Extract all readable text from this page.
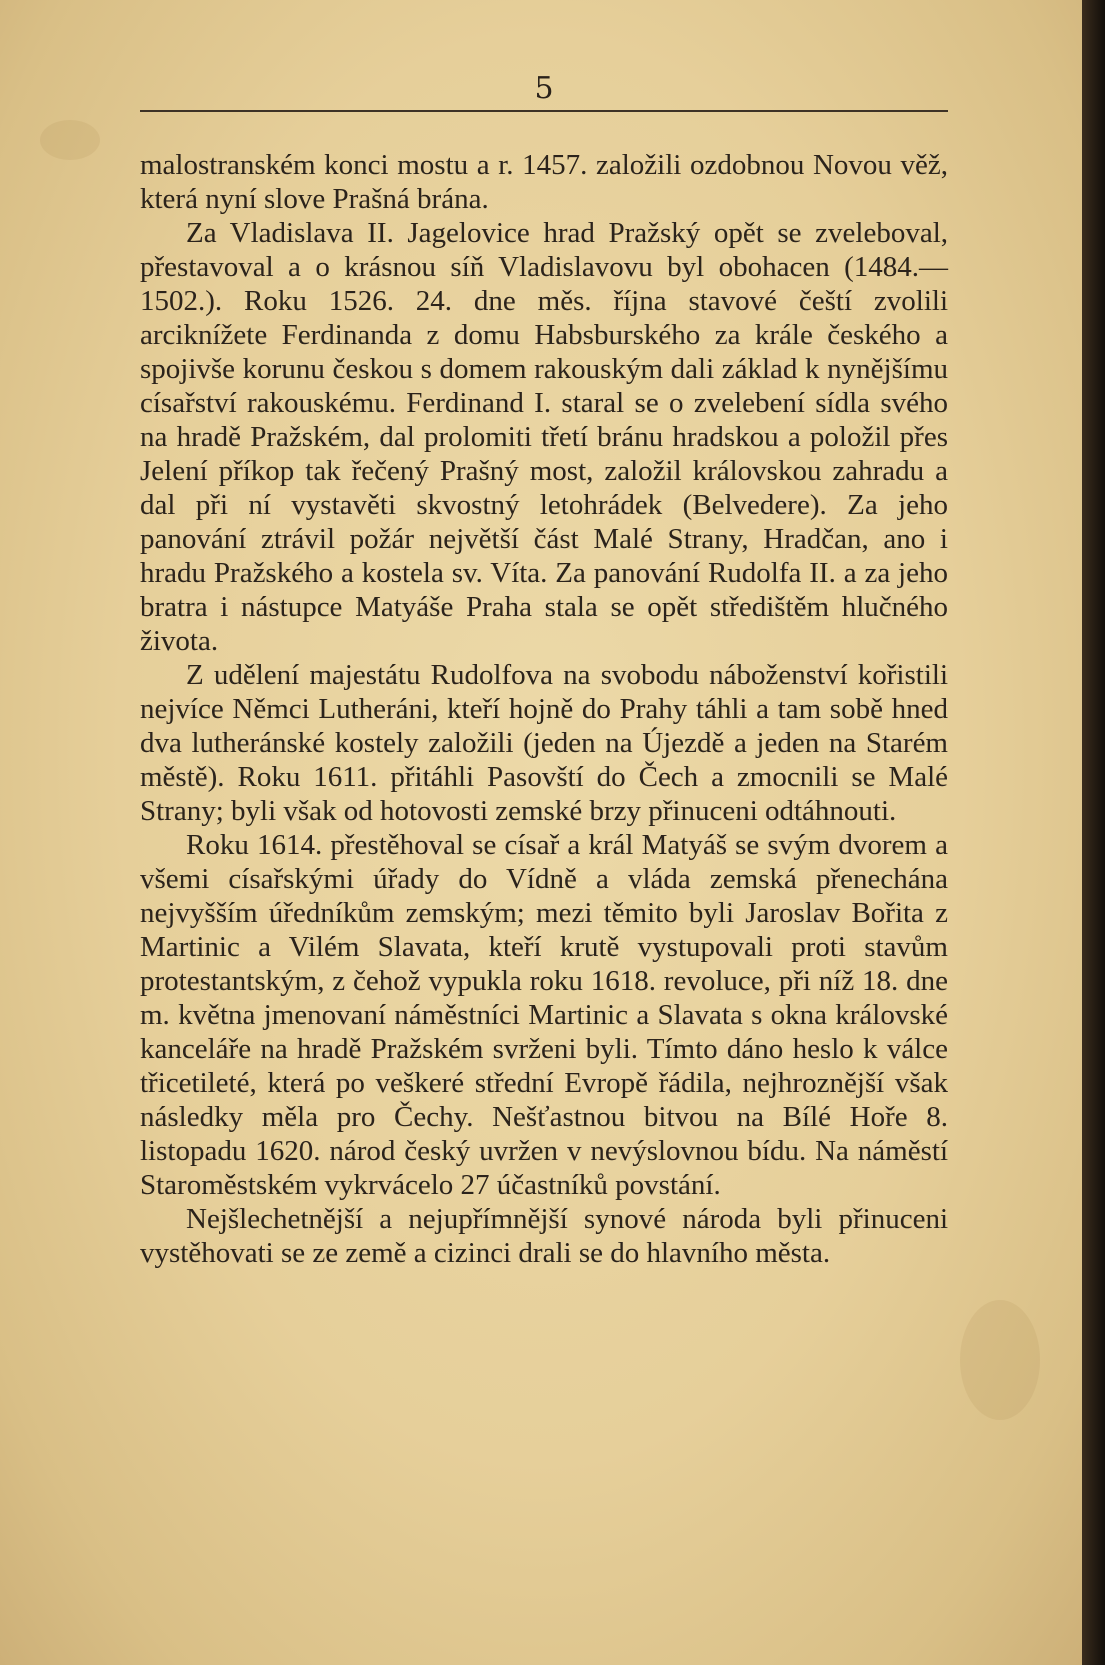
5

malostranském konci mostu a r. 1457. založili ozdobnou Novou věž, která nyní slove Prašná brána.

Za Vladislava II. Jagelovice hrad Pražský opět se zveleboval, přestavoval a o krásnou síň Vladislavovu byl obohacen (1484.—1502.). Roku 1526. 24. dne měs. října stavové čeští zvolili arciknížete Ferdinanda z domu Habsburského za krále českého a spojivše korunu českou s domem rakouským dali základ k nynějšímu císařství rakouskému. Ferdinand I. staral se o zvelebení sídla svého na hradě Pražském, dal prolomiti třetí bránu hradskou a položil přes Jelení příkop tak řečený Prašný most, založil královskou zahradu a dal při ní vystavěti skvostný letohrádek (Belvedere). Za jeho panování ztrávil požár největší část Malé Strany, Hradčan, ano i hradu Pražského a kostela sv. Víta. Za panování Rudolfa II. a za jeho bratra i nástupce Matyáše Praha stala se opět středištěm hlučného života.

Z udělení majestátu Rudolfova na svobodu náboženství kořistili nejvíce Němci Lutheráni, kteří hojně do Prahy táhli a tam sobě hned dva lutheránské kostely založili (jeden na Újezdě a jeden na Starém městě). Roku 1611. přitáhli Pasovští do Čech a zmocnili se Malé Strany; byli však od hotovosti zemské brzy přinuceni odtáhnouti.

Roku 1614. přestěhoval se císař a král Matyáš se svým dvorem a všemi císařskými úřady do Vídně a vláda zemská přenechána nejvyšším úředníkům zemským; mezi těmito byli Jaroslav Bořita z Martinic a Vilém Slavata, kteří krutě vystupovali proti stavům protestantským, z čehož vypukla roku 1618. revoluce, při níž 18. dne m. května jmenovaní náměstníci Martinic a Slavata s okna královské kanceláře na hradě Pražském svrženi byli. Tímto dáno heslo k válce třicetileté, která po veškeré střední Evropě řádila, nejhroznější však následky měla pro Čechy. Nešťastnou bitvou na Bílé Hoře 8. listopadu 1620. národ český uvržen v nevýslovnou bídu. Na náměstí Staroměstském vykrvácelo 27 účastníků povstání.

Nejšlechetnější a nejupřímnější synové národa byli přinuceni vystěhovati se ze země a cizinci drali se do hlavního města.
